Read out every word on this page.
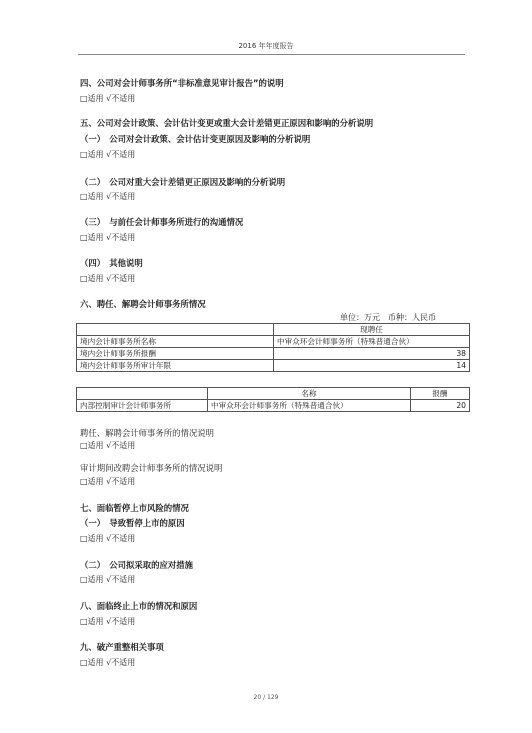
2016 年年度报告
四、公司对会计师事务所“非标准意见审计报告”的说明
□适用 √不适用
五、公司对会计政策、会计估计变更或重大会计差错更正原因和影响的分析说明
（一）　公司对会计政策、会计估计变更原因及影响的分析说明
□适用 √不适用
（二）　公司对重大会计差错更正原因及影响的分析说明
□适用 √不适用
（三）　与前任会计师事务所进行的沟通情况
□适用 √不适用
（四）　其他说明
□适用 √不适用
六、聘任、解聘会计师事务所情况
单位：万元　币种：人民币
	现聘任
境内会计师事务所名称	中审众环会计师事务所（特殊普通合伙）
境内会计师事务所报酬	38
境内会计师事务所审计年限	14
	名称	报酬
内部控制审计会计师事务所	中审众环会计师事务所（特殊普通合伙）	20
聘任、解聘会计师事务所的情况说明
□适用 √不适用
审计期间改聘会计师事务所的情况说明
□适用 √不适用
七、面临暂停上市风险的情况
（一）　导致暂停上市的原因
□适用 √不适用
（二）　公司拟采取的应对措施
□适用 √不适用
八、面临终止上市的情况和原因
□适用 √不适用
九、破产重整相关事项
□适用 √不适用
20 / 129
